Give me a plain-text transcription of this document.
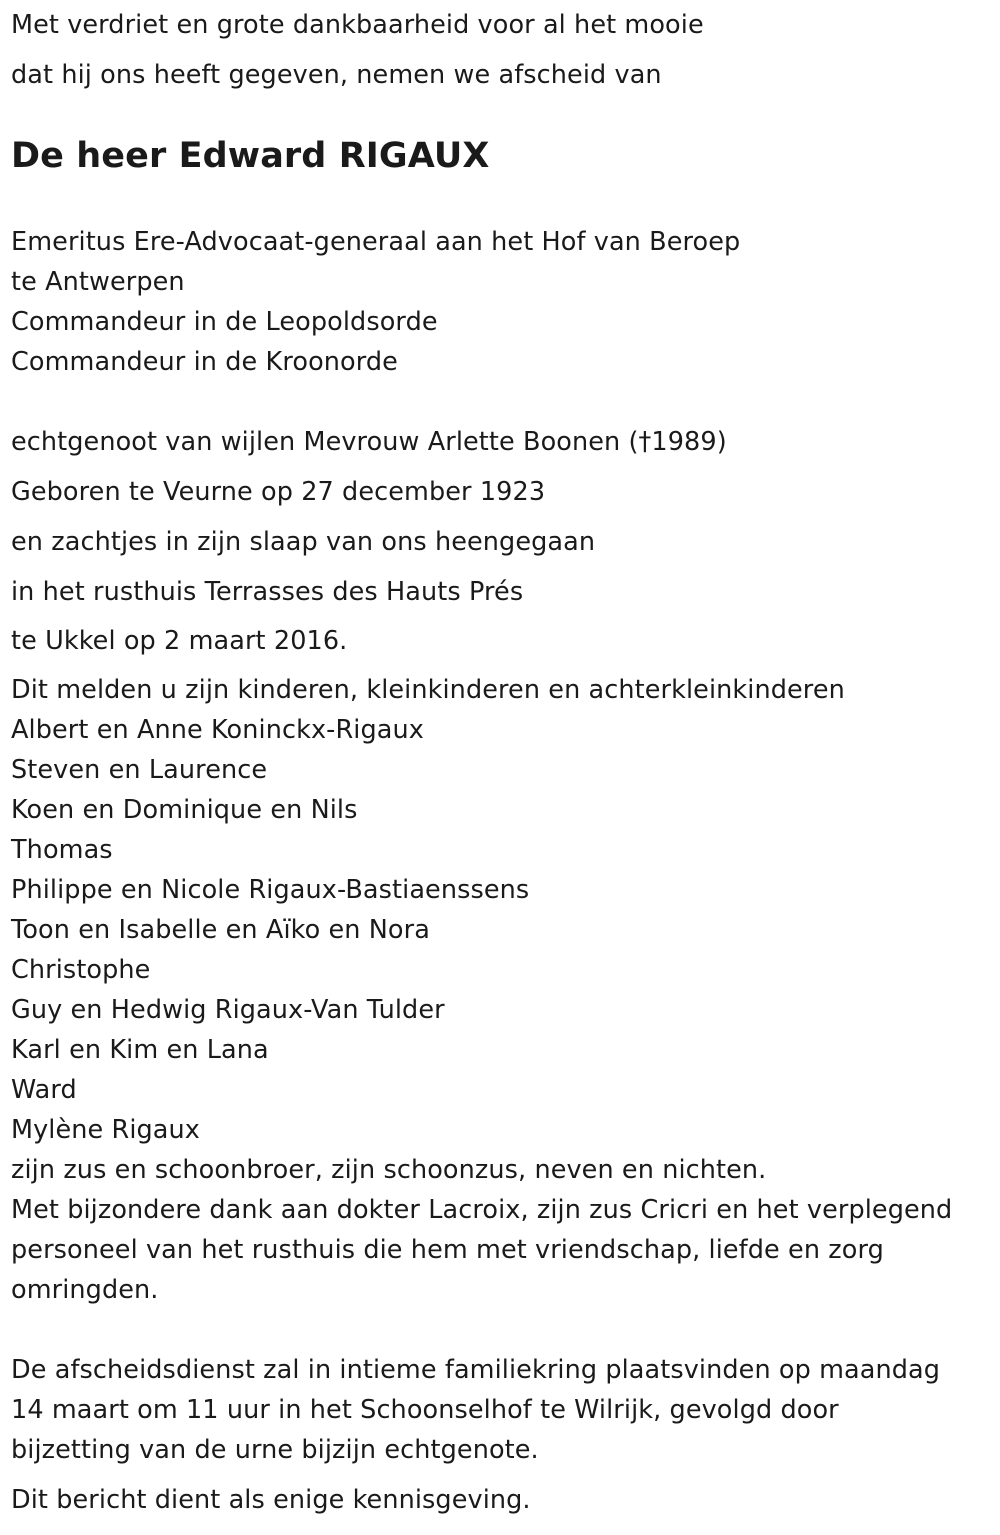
Met verdriet en grote dankbaarheid voor al het mooie
dat hij ons heeft gegeven, nemen we afscheid van
De heer Edward RIGAUX
Emeritus Ere-Advocaat-generaal aan het Hof van Beroep
te Antwerpen
Commandeur in de Leopoldsorde
Commandeur in de Kroonorde
echtgenoot van wijlen Mevrouw Arlette Boonen (†1989)
Geboren te Veurne op 27 december 1923
en zachtjes in zijn slaap van ons heengegaan
in het rusthuis Terrasses des Hauts Prés
te Ukkel op 2 maart 2016.
Dit melden u zijn kinderen, kleinkinderen en achterkleinkinderen
Albert en Anne Koninckx-Rigaux
Steven en Laurence
Koen en Dominique en Nils
Thomas
Philippe en Nicole Rigaux-Bastiaenssens
Toon en Isabelle en Aïko en Nora
Christophe
Guy en Hedwig Rigaux-Van Tulder
Karl en Kim en Lana
Ward
Mylène Rigaux
zijn zus en schoonbroer, zijn schoonzus, neven en nichten.
Met bijzondere dank aan dokter Lacroix, zijn zus Cricri en het verplegend
personeel van het rusthuis die hem met vriendschap, liefde en zorg
omringden.
De afscheidsdienst zal in intieme familiekring plaatsvinden op maandag
14 maart om 11 uur in het Schoonselhof te Wilrijk, gevolgd door
bijzetting van de urne bijzijn echtgenote.
Dit bericht dient als enige kennisgeving.
